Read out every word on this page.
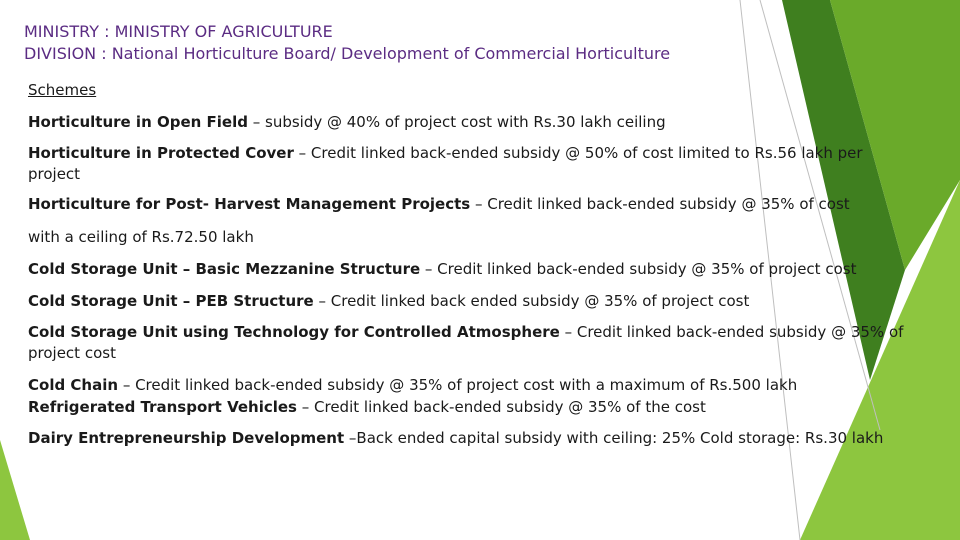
MINISTRY : MINISTRY OF AGRICULTURE
DIVISION : National Horticulture Board/ Development of Commercial Horticulture
Schemes
Horticulture in Open Field – subsidy @ 40% of project cost with Rs.30 lakh ceiling
Horticulture in Protected Cover – Credit linked back-ended subsidy @ 50% of cost limited to Rs.56 lakh per project
Horticulture for Post- Harvest Management Projects – Credit linked back-ended subsidy @ 35% of cost
with a ceiling of Rs.72.50 lakh
Cold Storage Unit – Basic Mezzanine Structure – Credit linked back-ended subsidy @ 35% of project cost
Cold Storage Unit – PEB Structure – Credit linked back ended subsidy @ 35% of project cost
Cold Storage Unit using Technology for Controlled Atmosphere – Credit linked back-ended subsidy @ 35% of project cost
Cold Chain – Credit linked back-ended subsidy @ 35% of project cost with a maximum of Rs.500 lakh
Refrigerated Transport Vehicles – Credit linked back-ended subsidy @ 35% of the cost
Dairy Entrepreneurship Development –Back ended capital subsidy with ceiling: 25% Cold storage: Rs.30 lakh
